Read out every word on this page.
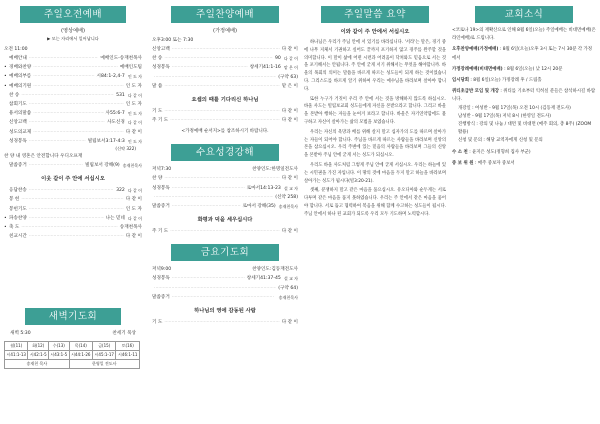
주일오전예배
(영상예배)
▶ 모는 자리에서 일어납니다
오전 11:00
예배안내 ·····	예배인도-송재천목사
• 경배와찬양 ·····	예배인도팀
• 예배의부름 ·····	시84:1-2,4-7 인 도 자
• 예배의기원 ·····	인 도 자
찬 송 ·····	531 다 같 이
참회기도 ·····	인 도 자
용서의말씀 ·····	사55:6-7 인 도 자
신앙고백 ·····	사도신경 다 같 이
성도의교제 ·····	다 같 이
성경봉독 ·····	빌립보서3:17-4:3 인 도 자
(신약 322)
찬 양 내 영혼은 안전합니다 우디오프재
말씀증거 ·····	빌립보서 강해(9) 송재천목사
이웃 같이 주 안에 서십시오
응답찬송 ·····	322 다 같 이
봉 헌 ·····	다 같 이
봉헌기도 ·····	인 도 자
• 파송찬양 ·····	나는 믿네 다 같 이
• 축 도 ·····	송재천목사
친교시간 ·····	다 같 이
새벽기도회
새벽 5:30	찬세기 묵상
월(11)	화(12)	수(13)	목(14)	금(15)	토(16)
시41:1-13	시42:1-5	시43:1-5	시44:1-26	시45:1-17	시46:1-11
송재천 목사			한영일 전도사		
주일찬양예배
(가정예배)
오후3:00 또는 7:30
신앙고백 ·····	다 같 이
찬 송 ·····	90 다 같 이
성경봉독 ·····	창세기41:1-16 맡 은 이
·····
(구약 63)
말 씀 ·····	맡 은 이
요셉의 때를 기다리신 하나님
기 도 ·····	다 같 이
주 기 도 ·····	다 같 이
<가정예배 순서지>를 참조하시기 바랍니다.
수요성경강해
저녁7:30	찬양인도:한명일전도사
찬 양 ·····	다 같 이
성경봉독 ·····	로마서14:13-23 설 교 자
·····
(신약 258)
말씀증거 ·····	로마서 강해(35) 송재천목사
화평과 덕을 세우십시다
주 기 도 ·····	다 같 이
금요기도회
저녁9:00	찬양인도:김동재전도사
성경봉독 ·····	창세기41:37-45 설 교 자
·····
(구약 64)
말씀증거 ·····	송재천목사
하나님의 영에 감동된 사람
기 도 ·····	다 같 이
주일말씀 요약
이와 같이 주 안에서 서십시오

하나님은 우리가 주님 안에 서 있기를 바라십니다. '서라'는 말은, 경기 중에 나무 지체서 기권하고 싶어도 끝까지 포기하지 않고 경주를 완주할 것을 의미합니다. 이 말이 삶에 어떤 시련과 어려움이 닥쳐와도 믿음으로 서는 것을 포기해서는 안됩니다. 주 안에 굳게 서기 위해서는 무엇을 해야합니까. 바울의 목회의 의미는 말씀을 바르게 따르는 성도들이 되게 하는 것이었습니다. 그리스도를 바르게 알기 위하여 우리는 예수님을 바라보며 살아야 합니다.

또한 누구가 거짓이 우리 주 안에 서는 것을 방해하지 않도록 하십시오. 바울 사도는 빌립보교회 성도들에게 자신을 본받으라고 합니다. 그리고 바울을 본받아 행하는 자들을 눈여겨 보라고 합니다. 바울은 자기연약함에도 불구하고 자신이 살아가는 삶의 모범을 보였습니다.

우리는 자신의 욕망과 배를 위해 살지 말고 십자가의 도를 따르며 살아가는 자들이 되어야 합니다. 주님을 바르게 따르는 사람들을 바라보며 신앙의 본을 삼으십시오. 우리 주변에 있는 믿음의 사람들을 바라보며 그들의 신앙을 본받아 주님 안에 굳게 서는 성도가 되십시오.

우리도 바울 사도처럼 그렇게 주님 안에 굳게 서십시오. 우리는 하늘에 있는 시민권을 가진 자입니다. 이 땅의 것에 마음을 두지 말고 하늘을 바라보며 살아가는 성도가 됩시다(빌3:20-21).

셋째, 분쟁하지 말고 같은 마음을 품으십시오. 유오디아와 순두게는 서로 다투며 같은 마음을 품지 못하였습니다. 우리는 주 안에서 같은 마음을 품어야 합니다. 서로 돕고 협력하여 복음을 위해 함께 수고하는 성도들이 됩시다. 주님 안에서 하나 된 교회가 되도록 우리 모두 기도하며 노력합시다.

교회소식
<코로나 19>의 재확산으로 인해 8월 6일(오늘) 주일예배는 비대면예배(온라인예배)로 드립니다.
오후찬양예배(가정예배) : 8월 6일(오늘)오후 3시 또는 7시 30분 각 가정에서
가정장례예배(비대면예배) : 8월 6일(오늘) 낮 12시 20분
임시당회 : 8월 6일(오늘) 가정장례 후 / 드림홀
퀴티초급반 모임 및 개강 : 퀴티를 기초부터 익히실 분들은 참석하시길 바랍니다.
개강일 : 여성반 - 9월 17일(목) 오전 10시 (김동재 전도사)
남성반 - 9월 17일(목) 저녁 8시 (한영일 전도사)
진행방식 : 강의 및 나눔 / 대면 및 비대면 (매주 회의, 총 8주) (ZOOM 활용)
신청 및 문의 : 해당 교역자에게 신청 및 문의
수 소 천 : 윤지은 성도(정형희 집사 부군)
중 보 위 원 : 매주 중보자 중보서
